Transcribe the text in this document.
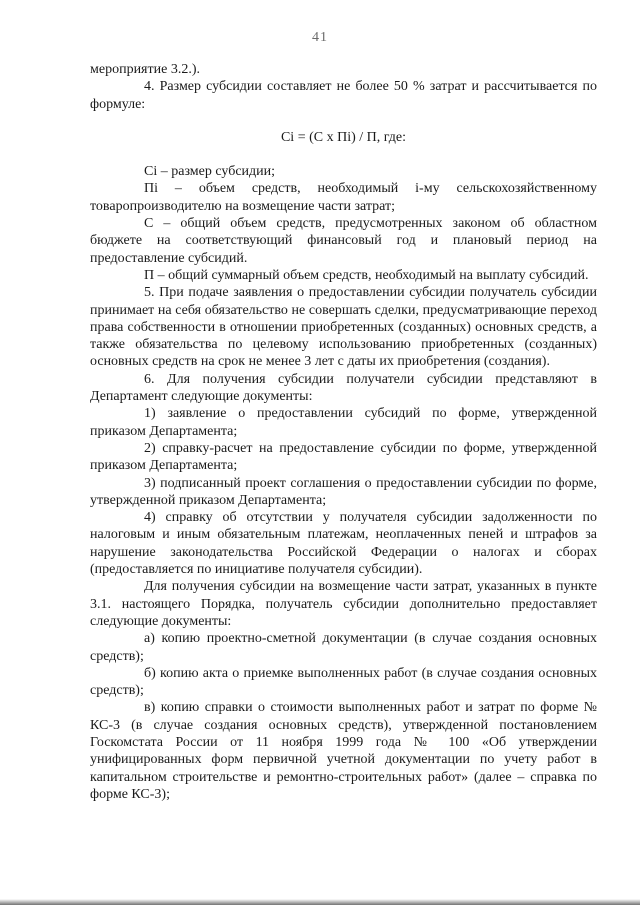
41

мероприятие 3.2.).

4. Размер субсидии составляет не более 50 % затрат и рассчитывается по формуле:

Ci = (C x Пi) / П, где:

Ci – размер субсидии;

Пi – объем средств, необходимый i-му сельскохозяйственному товаропроизводителю на возмещение части затрат;

С – общий объем средств, предусмотренных законом об областном бюджете на соответствующий финансовый год и плановый период на предоставление субсидий.

П – общий суммарный объем средств, необходимый на выплату субсидий.

5. При подаче заявления о предоставлении субсидии получатель субсидии принимает на себя обязательство не совершать сделки, предусматривающие переход права собственности в отношении приобретенных (созданных) основных средств, а также обязательства по целевому использованию приобретенных (созданных) основных средств на срок не менее 3 лет с даты их приобретения (создания).

6. Для получения субсидии получатели субсидии представляют в Департамент следующие документы:

1) заявление о предоставлении субсидий по форме, утвержденной приказом Департамента;

2) справку-расчет на предоставление субсидии по форме, утвержденной приказом Департамента;

3) подписанный проект соглашения о предоставлении субсидии по форме, утвержденной приказом Департамента;

4) справку об отсутствии у получателя субсидии задолженности по налоговым и иным обязательным платежам, неоплаченных пеней и штрафов за нарушение законодательства Российской Федерации о налогах и сборах (предоставляется по инициативе получателя субсидии).

Для получения субсидии на возмещение части затрат, указанных в пункте 3.1. настоящего Порядка, получатель субсидии дополнительно предоставляет следующие документы:

а) копию проектно-сметной документации (в случае создания основных средств);

б) копию акта о приемке выполненных работ (в случае создания основных средств);

в) копию справки о стоимости выполненных работ и затрат по форме № КС-3 (в случае создания основных средств), утвержденной постановлением Госкомстата России от 11 ноября 1999 года № 100 «Об утверждении унифицированных форм первичной учетной документации по учету работ в капитальном строительстве и ремонтно-строительных работ» (далее – справка по форме КС-3);
